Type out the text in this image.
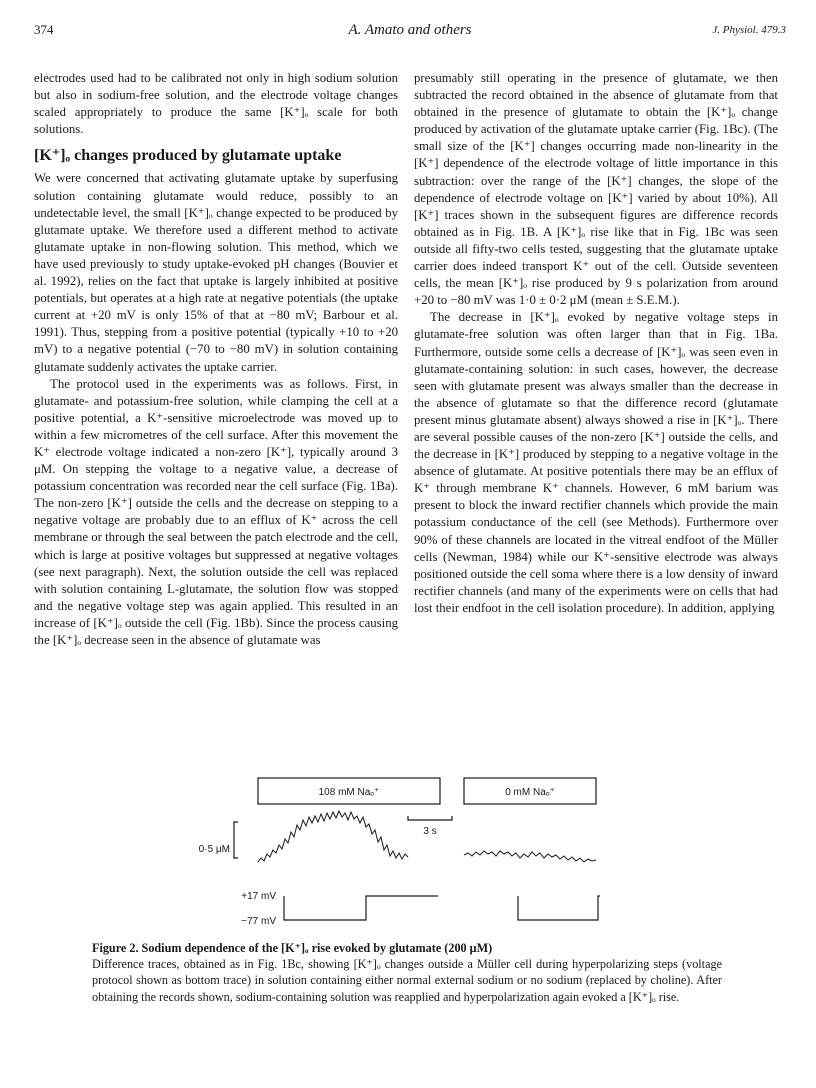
374	A. Amato and others	J. Physiol. 479.3

electrodes used had to be calibrated not only in high sodium solution but also in sodium-free solution, and the electrode voltage changes scaled appropriately to produce the same [K⁺]ₒ scale for both solutions.

[K⁺]ₒ changes produced by glutamate uptake

We were concerned that activating glutamate uptake by superfusing solution containing glutamate would reduce, possibly to an undetectable level, the small [K⁺]ₒ change expected to be produced by glutamate uptake. We therefore used a different method to activate glutamate uptake in non-flowing solution. This method, which we have used previously to study uptake-evoked pH changes (Bouvier et al. 1992), relies on the fact that uptake is largely inhibited at positive potentials, but operates at a high rate at negative potentials (the uptake current at +20 mV is only 15% of that at −80 mV; Barbour et al. 1991). Thus, stepping from a positive potential (typically +10 to +20 mV) to a negative potential (−70 to −80 mV) in solution containing glutamate suddenly activates the uptake carrier.

The protocol used in the experiments was as follows. First, in glutamate- and potassium-free solution, while clamping the cell at a positive potential, a K⁺-sensitive microelectrode was moved up to within a few micrometres of the cell surface. After this movement the K⁺ electrode voltage indicated a non-zero [K⁺], typically around 3 μM. On stepping the voltage to a negative value, a decrease of potassium concentration was recorded near the cell surface (Fig. 1Ba). The non-zero [K⁺] outside the cells and the decrease on stepping to a negative voltage are probably due to an efflux of K⁺ across the cell membrane or through the seal between the patch electrode and the cell, which is large at positive voltages but suppressed at negative voltages (see next paragraph). Next, the solution outside the cell was replaced with solution containing L-glutamate, the solution flow was stopped and the negative voltage step was again applied. This resulted in an increase of [K⁺]ₒ outside the cell (Fig. 1Bb). Since the process causing the [K⁺]ₒ decrease seen in the absence of glutamate was

presumably still operating in the presence of glutamate, we then subtracted the record obtained in the absence of glutamate from that obtained in the presence of glutamate to obtain the [K⁺]ₒ change produced by activation of the glutamate uptake carrier (Fig. 1Bc). (The small size of the [K⁺] changes occurring made non-linearity in the [K⁺] dependence of the electrode voltage of little importance in this subtraction: over the range of the [K⁺] changes, the slope of the dependence of electrode voltage on [K⁺] varied by about 10%). All [K⁺] traces shown in the subsequent figures are difference records obtained as in Fig. 1B. A [K⁺]ₒ rise like that in Fig. 1Bc was seen outside all fifty-two cells tested, suggesting that the glutamate uptake carrier does indeed transport K⁺ out of the cell. Outside seventeen cells, the mean [K⁺]ₒ rise produced by 9 s polarization from around +20 to −80 mV was 1·0 ± 0·2 μM (mean ± S.E.M.).

The decrease in [K⁺]ₒ evoked by negative voltage steps in glutamate-free solution was often larger than that in Fig. 1Ba. Furthermore, outside some cells a decrease of [K⁺]ₒ was seen even in glutamate-containing solution: in such cases, however, the decrease seen with glutamate present was always smaller than the decrease in the absence of glutamate so that the difference record (glutamate present minus glutamate absent) always showed a rise in [K⁺]ₒ. There are several possible causes of the non-zero [K⁺] outside the cells, and the decrease in [K⁺] produced by stepping to a negative voltage in the absence of glutamate. At positive potentials there may be an efflux of K⁺ through membrane K⁺ channels. However, 6 mM barium was present to block the inward rectifier channels which provide the main potassium conductance of the cell (see Methods). Furthermore over 90% of these channels are located in the vitreal endfoot of the Müller cells (Newman, 1984) while our K⁺-sensitive electrode was always positioned outside the cell soma where there is a low density of inward rectifier channels (and many of the experiments were on cells that had lost their endfoot in the cell isolation procedure). In addition, applying

108 mM Naₒ⁺	0 mM Naₒ⁺
0·5 μM
3 s
+17 mV
−77 mV
Figure 2. Sodium dependence of the [K⁺]ₒ rise evoked by glutamate (200 μM)
Difference traces, obtained as in Fig. 1Bc, showing [K⁺]ₒ changes outside a Müller cell during hyperpolarizing steps (voltage protocol shown as bottom trace) in solution containing either normal external sodium or no sodium (replaced by choline). After obtaining the records shown, sodium-containing solution was reapplied and hyperpolarization again evoked a [K⁺]ₒ rise.
